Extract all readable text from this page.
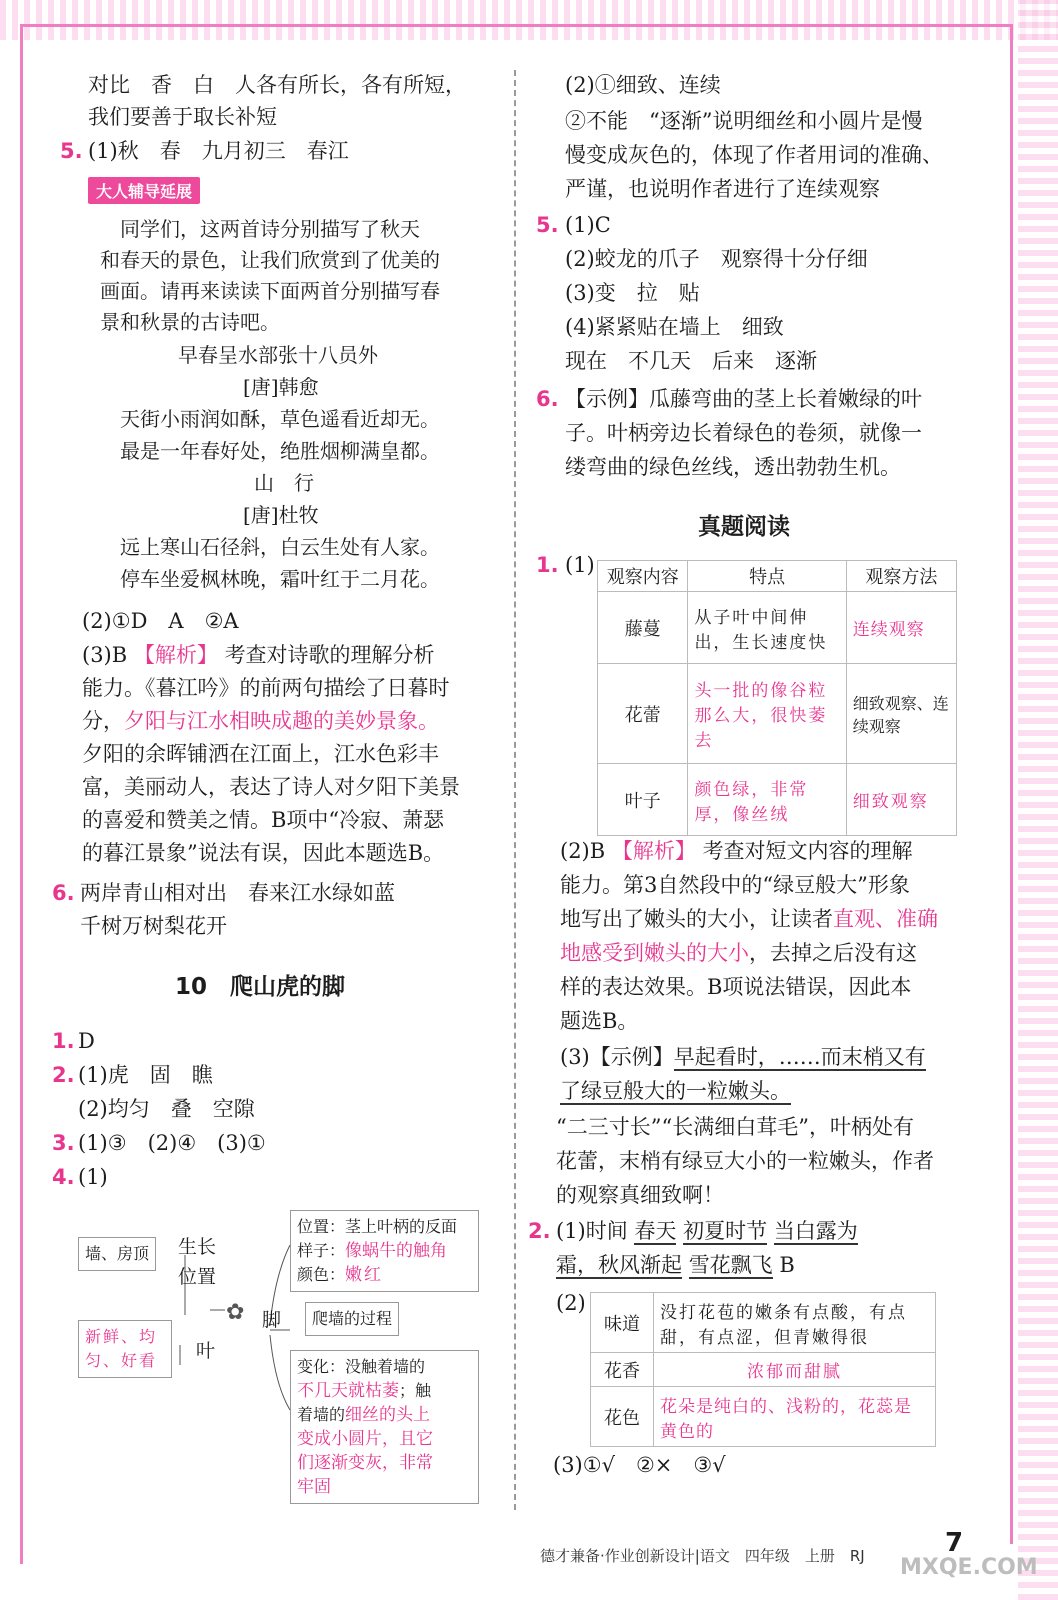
对比　香　白　人各有所长，各有所短，
我们要善于取长补短
5. (1)秋　春　九月初三　春江
大人辅导延展
　同学们，这两首诗分别描写了秋天
和春天的景色，让我们欣赏到了优美的
画面。请再来读读下面两首分别描写春
景和秋景的古诗吧。
早春呈水部张十八员外
[唐]韩愈
天街小雨润如酥，草色遥看近却无。
最是一年春好处，绝胜烟柳满皇都。
山　行
[唐]杜牧
远上寒山石径斜，白云生处有人家。
停车坐爱枫林晚，霜叶红于二月花。
(2)①D　A　②A
(3)B 【解析】 考查对诗歌的理解分析
能力。《暮江吟》的前两句描绘了日暮时
分，夕阳与江水相映成趣的美妙景象。
夕阳的余晖铺洒在江面上，江水色彩丰
富，美丽动人，表达了诗人对夕阳下美景
的喜爱和赞美之情。B项中“冷寂、萧瑟
的暮江景象”说法有误，因此本题选B。
6. 两岸青山相对出　春来江水绿如蓝
千树万树梨花开
10　爬山虎的脚
1. D
2. (1)虎　固　瞧
(2)均匀　叠　空隙
3. (1)③　(2)④　(3)①
4. (1)
墙、房顶	生长
位置
新鲜、均匀、好看	叶
✿ 脚	爬墙的过程
位置：茎上叶柄的反面
样子：像蜗牛的触角
颜色：嫩红
变化：没触着墙的
不几天就枯萎；触
着墙的细丝的头上
变成小圆片，且它
们逐渐变灰，非常
牢固
(2)①细致、连续
②不能　“逐渐”说明细丝和小圆片是慢
慢变成灰色的，体现了作者用词的准确、
严谨，也说明作者进行了连续观察
5. (1)C
(2)蛟龙的爪子　观察得十分仔细
(3)变　拉　贴
(4)紧紧贴在墙上　细致
现在　不几天　后来　逐渐
6. 【示例】瓜藤弯曲的茎上长着嫩绿的叶
子。叶柄旁边长着绿色的卷须，就像一
缕弯曲的绿色丝线，透出勃勃生机。
真题阅读
1. (1)
观察内容	特点	观察方法
藤蔓	从子叶中间伸出，生长速度快	连续观察
花蕾	头一批的像谷粒那么大，很快萎去	细致观察、连续观察
叶子	颜色绿，非常厚，像丝绒	细致观察
(2)B 【解析】 考查对短文内容的理解
能力。第3自然段中的“绿豆般大”形象
地写出了嫩头的大小，让读者直观、准确
地感受到嫩头的大小，去掉之后没有这
样的表达效果。B项说法错误，因此本
题选B。
(3)【示例】早起看时，……而末梢又有
了绿豆般大的一粒嫩头。
“二三寸长”“长满细白茸毛”，叶柄处有
花蕾，末梢有绿豆大小的一粒嫩头，作者
的观察真细致啊！
2. (1)时间 春天 初夏时节 当白露为
霜，秋风渐起 雪花飘飞 B
(2)
味道	没打花苞的嫩条有点酸，有点甜，有点涩，但青嫩得很
花香	浓郁而甜腻
花色	花朵是纯白的、浅粉的，花蕊是黄色的
(3)①√　②×　③√
德才兼备·作业创新设计|语文　四年级　上册　RJ	7
MXQE.COM
